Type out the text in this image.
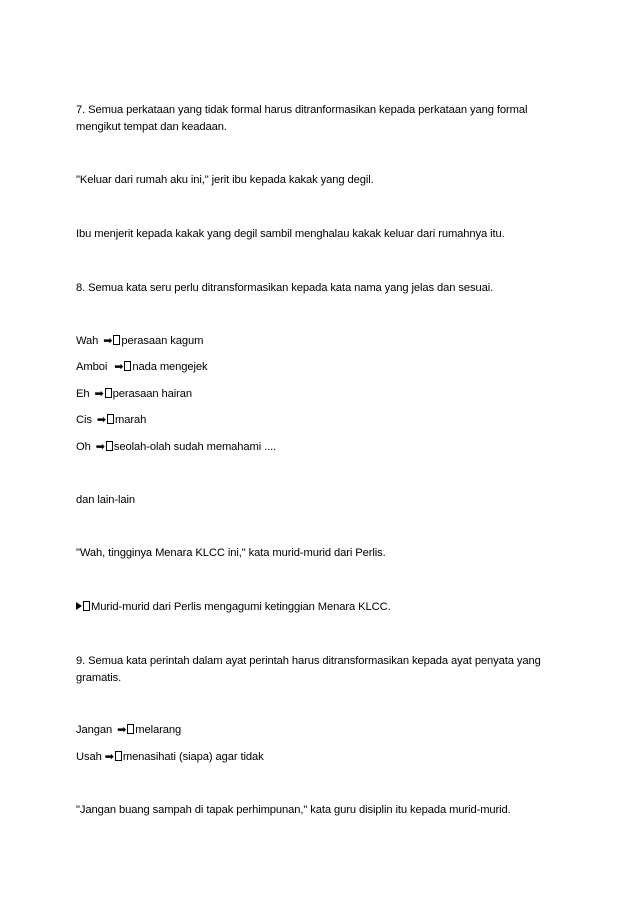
7. Semua perkataan yang tidak formal harus ditranformasikan kepada perkataan yang formal mengikut tempat dan keadaan.
"Keluar dari rumah aku ini," jerit ibu kepada kakak yang degil.
Ibu menjerit kepada kakak yang degil sambil menghalau kakak keluar dari rumahnya itu.
8. Semua kata seru perlu ditransformasikan kepada kata nama yang jelas dan sesuai.
Wah ➡ perasaan kagum
Amboi ➡ nada mengejek
Eh ➡ perasaan hairan
Cis ➡ marah
Oh ➡ seolah-olah sudah memahami ....
dan lain-lain
"Wah, tingginya Menara KLCC ini," kata murid-murid dari Perlis.
Murid-murid dari Perlis mengagumi ketinggian Menara KLCC.
9. Semua kata perintah dalam ayat perintah harus ditransformasikan kepada ayat penyata yang gramatis.
Jangan ➡ melarang
Usah ➡ menasihati (siapa) agar tidak
"Jangan buang sampah di tapak perhimpunan," kata guru disiplin itu kepada murid-murid.
